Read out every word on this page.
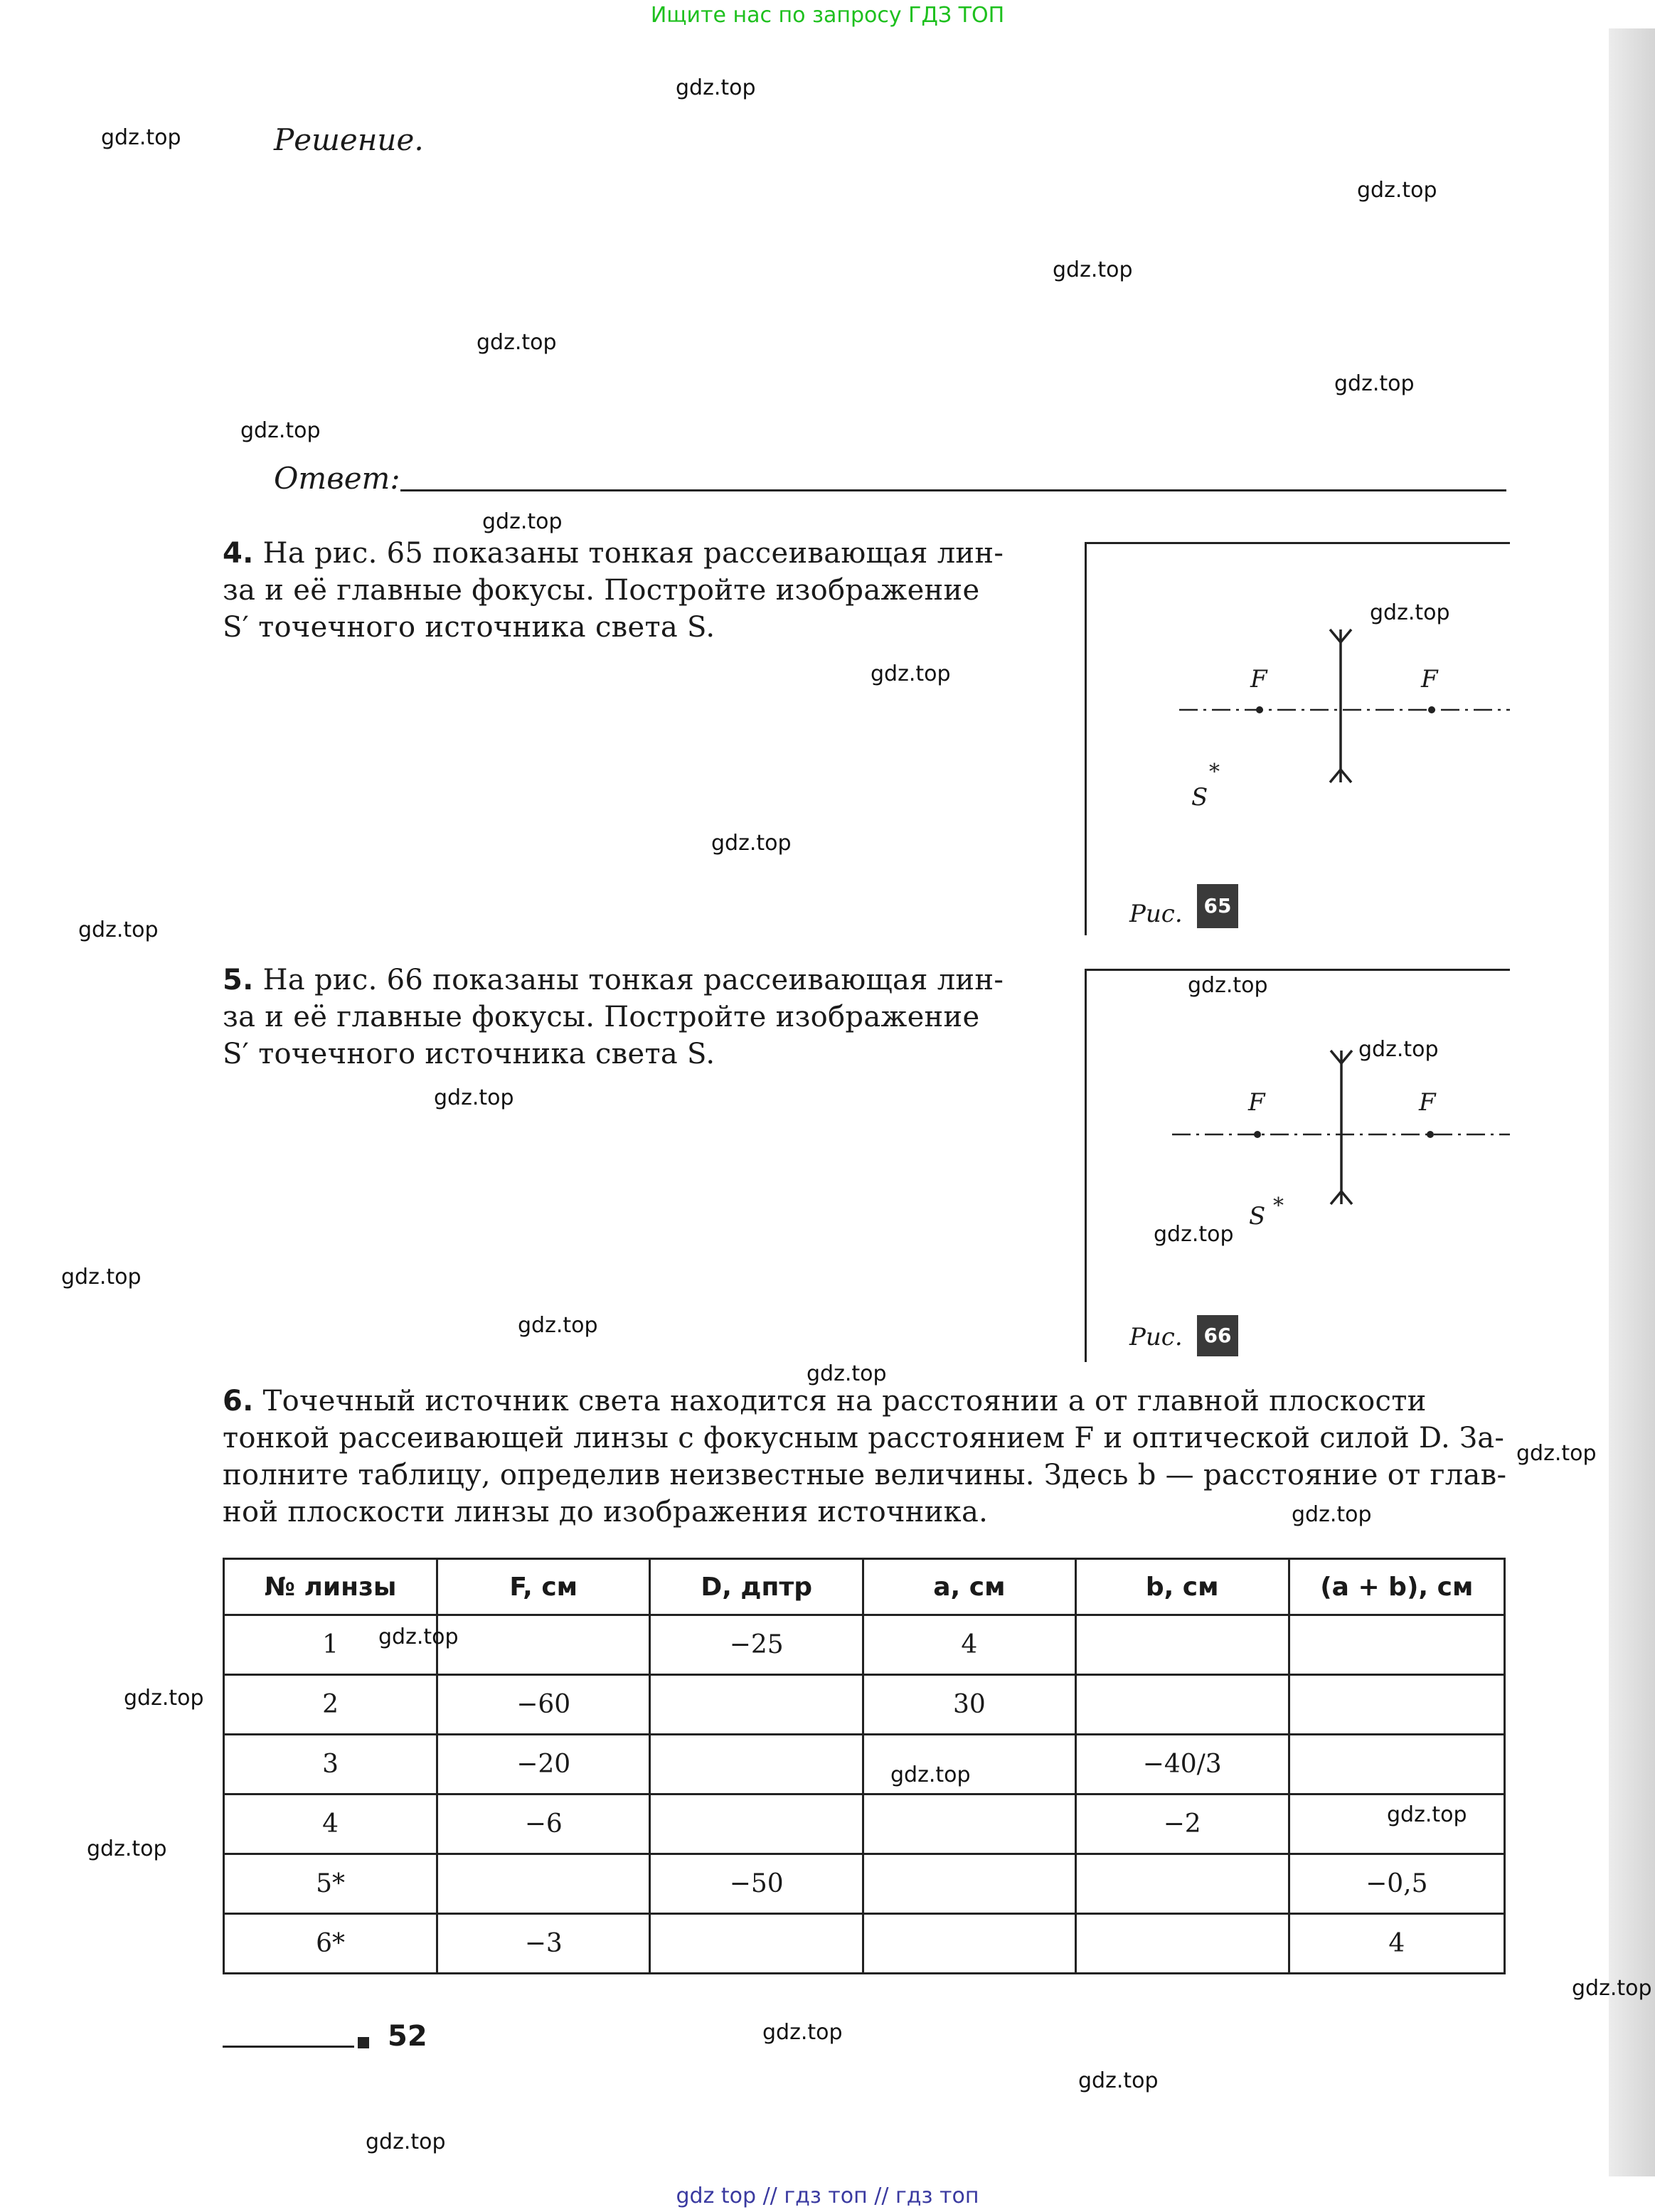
Ищите нас по запросу ГДЗ ТОП
Решение.
Ответ:
4. На рис. 65 показаны тонкая рассеивающая лин-
за и её главные фокусы. Постройте изображение
S′ точечного источника света S.
*
F	F
S
Рис.	65
5. На рис. 66 показаны тонкая рассеивающая лин-
за и её главные фокусы. Постройте изображение
S′ точечного источника света S.
*
F	F
S
Рис.	66
6. Точечный источник света находится на расстоянии a от главной плоскости
тонкой рассеивающей линзы с фокусным расстоянием F и оптической силой D. За-
полните таблицу, определив неизвестные величины. Здесь b — расстояние от глав-
ной плоскости линзы до изображения источника.
№ линзы	F, см	D, дптр	a, см	b, см	(a + b), см
1		−25	4		
2	−60		30		
3	−20			−40/3	
4	−6			−2	
5*		−50			−0,5
6*	−3				4
52
gdz.top
gdz.top
gdz.top
gdz.top
gdz.top
gdz.top
gdz.top
gdz.top
gdz.top
gdz.top
gdz.top
gdz.top
gdz.top
gdz.top
gdz.top
gdz.top
gdz.top
gdz.top
gdz.top
gdz.top
gdz.top
gdz.top
gdz.top
gdz.top
gdz.top
gdz.top
gdz.top
gdz.top
gdz.top
gdz.top
gdz top // гдз топ // гдз топ
